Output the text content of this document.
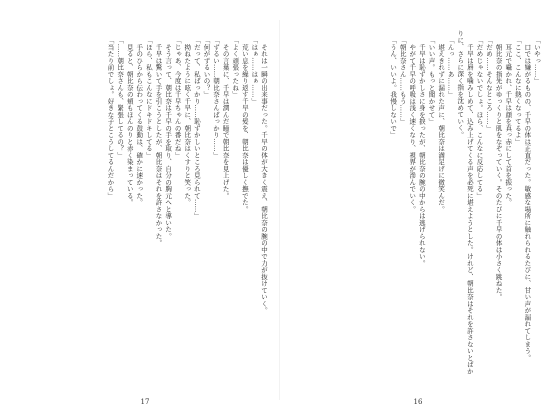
「いやっ……」

　口では嫌がるものの、千早の体は正直だった。敏感な場所に触れられるたびに、甘い声が漏れてしまう。

「ここ、こんなに熱くなってるよ」

　耳元で囁かれ、千早は顔を真っ赤にして首を振った。

　朝比奈の指先がゆっくりと肌をなぞっていく。そのたびに千早の体は小さく跳ねた。

「だめ……そんなところ……」

「だめじゃないでしょ。ほら、こんなに反応してる」

　千早は唇を噛みしめて、込み上げてくる声を必死に堪えようとした。けれど、朝比奈はそれを許さないとばかりに、さらに深く指を沈めていく。

「んっ……あ……」

　堪えきれずに漏れた声に、朝比奈は満足げに微笑んだ。

「いい声。もっと聞かせて」

　千早は恥ずかしさに身を捩ったが、朝比奈の腕の中からは逃げられない。

　やがて千早の呼吸は浅く速くなり、視界が滲んでいく。

「朝比奈さん……もう……」

「うん、いいよ。我慢しないで」

16

　それは一瞬の出来事だった。千早の体が大きく震え、朝比奈の腕の中で力が抜けていく。

「はぁ……はぁ……」

　荒い息を繰り返す千早の髪を、朝比奈は優しく撫でた。

「よく頑張ったね」

　その言葉に、千早は潤んだ瞳で朝比奈を見上げた。

「ずるい……朝比奈さんばっかり……」

「何がずるいの？」

「だって、私ばっかり……恥ずかしいところ見られて……」

　拗ねたように呟く千早に、朝比奈はくすりと笑った。

「じゃあ、今度は千早ちゃんの番だね」

　そう言って、朝比奈は千早の手を取り、自分の胸元へと導いた。

　千早は驚いて手を引こうとしたが、朝比奈はそれを許さなかった。

「ほら、私もこんなにドキドキしてる」

　手のひらから伝わってくる鼓動は、確かに速かった。

　見ると、朝比奈の頬もほんのりと赤く染まっている。

「……朝比奈さんも、緊張してるの？」

「当たり前でしょ。好きな子とこうしてるんだから」

17
